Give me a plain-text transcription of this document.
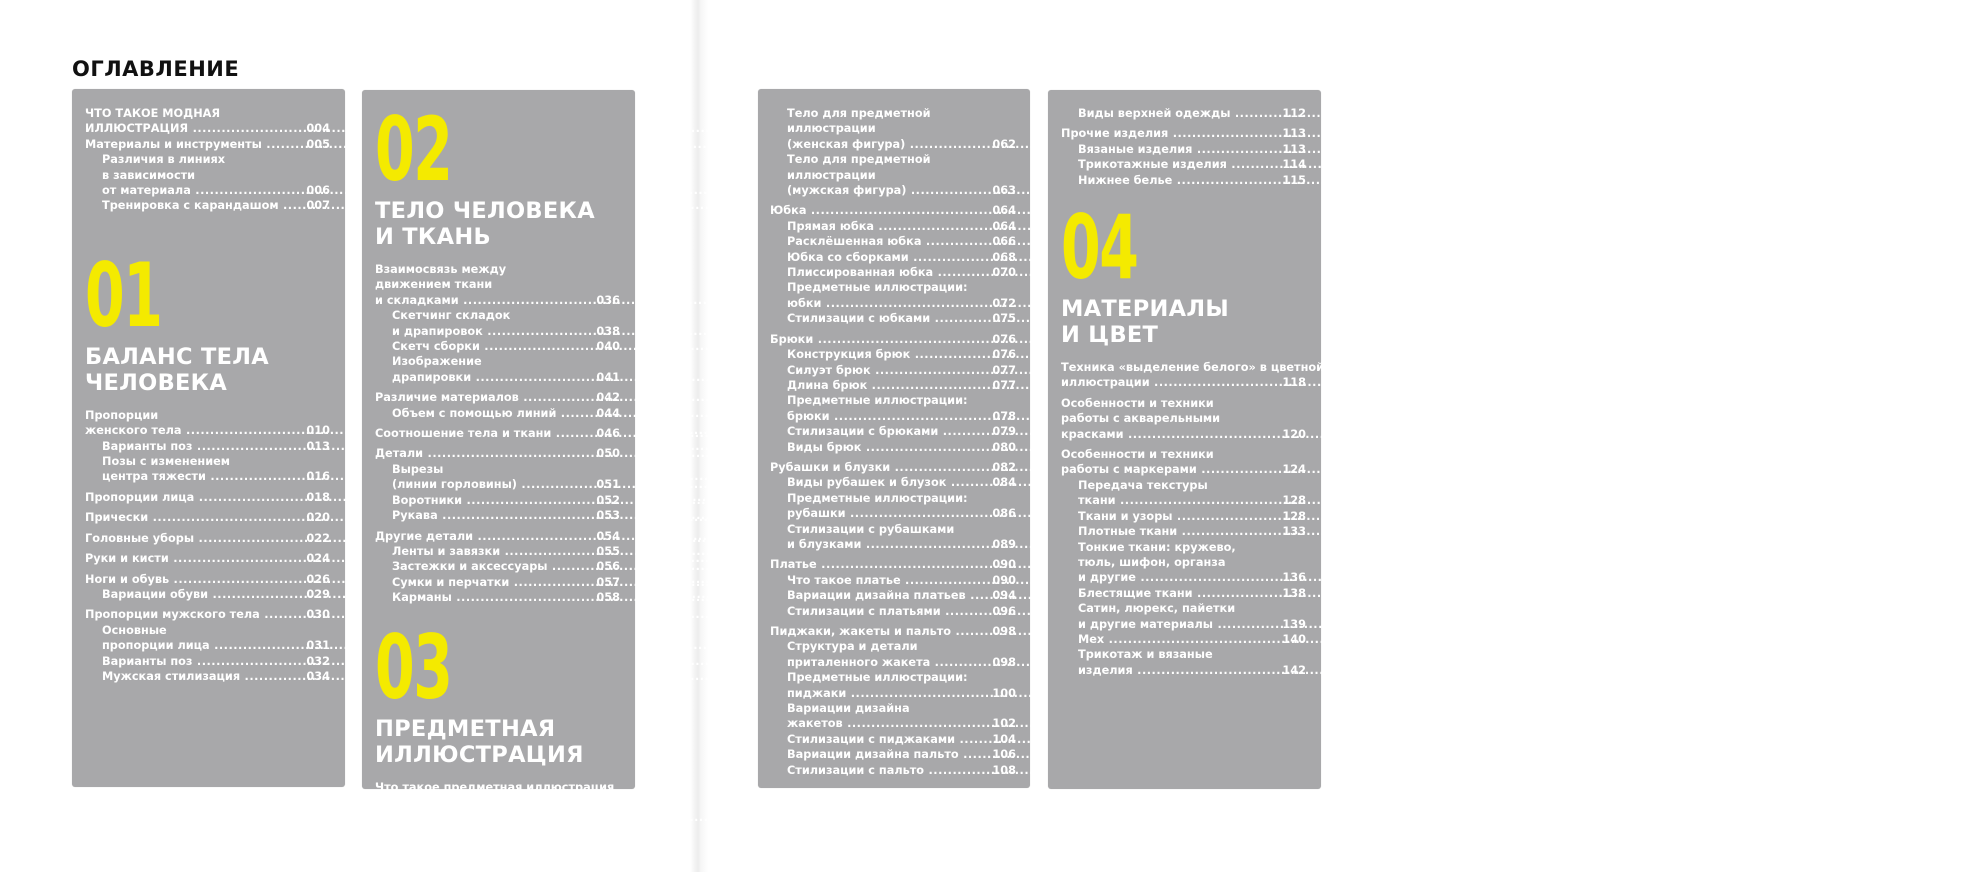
ОГЛАВЛЕНИЕ
ЧТО ТАКОЕ МОДНАЯ
ИЛЛЮСТРАЦИЯ .....	004
Материалы и инструменты .....	005
Различия в линиях
в зависимости
от материала .....	006
Тренировка с карандашом .....	007
01
БАЛАНС ТЕЛА
ЧЕЛОВЕКА
Пропорции
женского тела .....	010
Варианты поз .....	013
Позы с изменением
центра тяжести .....	016
Пропорции лица .....	018
Прически .....	020
Головные уборы .....	022
Руки и кисти .....	024
Ноги и обувь .....	026
Вариации обуви .....	029
Пропорции мужского тела .....	030
Основные
пропорции лица .....	031
Варианты поз .....	032
Мужская стилизация .....	034
02
ТЕЛО ЧЕЛОВЕКА
И ТКАНЬ
Взаимосвязь между
движением ткани
и складками .....	036
Скетчинг складок
и драпировок .....	038
Скетч сборки .....	040
Изображение
драпировки .....	041
Различие материалов .....	042
Объем с помощью линий .....	044
Соотношение тела и ткани .....	046
Детали .....	050
Вырезы
(линии горловины) .....	051
Воротники .....	052
Рукава .....	053
Другие детали .....	054
Ленты и завязки .....	055
Застежки и аксессуары .....	056
Сумки и перчатки .....	057
Карманы .....	058
03
ПРЕДМЕТНАЯ
ИЛЛЮСТРАЦИЯ
Что такое предметная иллюстрация
(на вешалке, плоские
изображения, схемы) .....	060
Тело для предметной
иллюстрации
(женская фигура) .....	062
Тело для предметной
иллюстрации
(мужская фигура) .....	063
Юбка .....	064
Прямая юбка .....	064
Расклёшенная юбка .....	066
Юбка со сборками .....	068
Плиссированная юбка .....	070
Предметные иллюстрации:
юбки .....	072
Стилизации с юбками .....	075
Брюки .....	076
Конструкция брюк .....	076
Силуэт брюк .....	077
Длина брюк .....	077
Предметные иллюстрации:
брюки .....	078
Стилизации с брюками .....	079
Виды брюк .....	080
Рубашки и блузки .....	082
Виды рубашек и блузок .....	084
Предметные иллюстрации:
рубашки .....	086
Стилизации с рубашками
и блузками .....	089
Платье .....	090
Что такое платье .....	090
Вариации дизайна платьев .....	094
Стилизации с платьями .....	096
Пиджаки, жакеты и пальто .....	098
Структура и детали
приталенного жакета .....	098
Предметные иллюстрации:
пиджаки .....	100
Вариации дизайна
жакетов .....	102
Стилизации с пиджаками .....	104
Вариации дизайна пальто .....	106
Стилизации с пальто .....	108
Виды верхней одежды .....	112
Прочие изделия .....	113
Вязаные изделия .....	113
Трикотажные изделия .....	114
Нижнее белье .....	115
04
МАТЕРИАЛЫ
И ЦВЕТ
Техника «выделение белого» в цветной
иллюстрации .....	118
Особенности и техники
работы с акварельными
красками .....	120
Особенности и техники
работы с маркерами .....	124
Передача текстуры
ткани .....	128
Ткани и узоры .....	128
Плотные ткани .....	133
Тонкие ткани: кружево,
тюль, шифон, органза
и другие .....	136
Блестящие ткани .....	138
Сатин, люрекс, пайетки
и другие материалы .....	139
Мех .....	140
Трикотаж и вязаные
изделия .....	142
